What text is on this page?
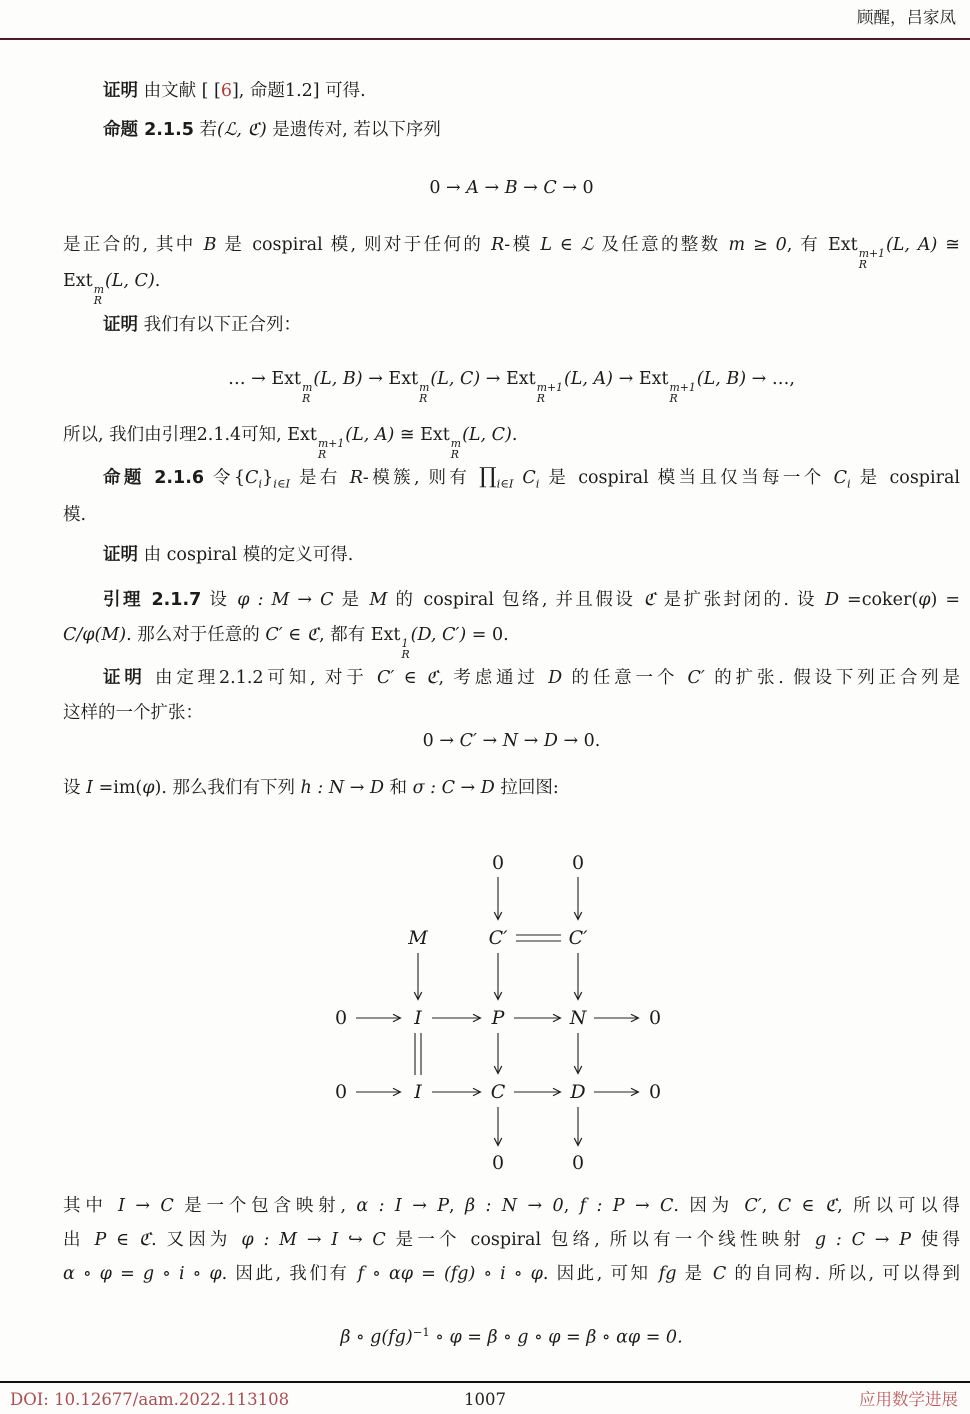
顾醒，吕家凤
证明 由文献 [ [6], 命题1.2] 可得.
命题 2.1.5 若(ℒ, ℭ) 是遗传对, 若以下序列
0 → A → B → C → 0
是正合的, 其中 B 是 cospiral 模, 则对于任何的 R-模 L ∈ ℒ 及任意的整数 m ≥ 0, 有 Ext m+1
R
(L, A) ≅
Ext m
R
(L, C).
证明 我们有以下正合列：
… → Ext m
R
(L, B) → Ext m
R
(L, C) → Ext m+1
R
(L, A) → Ext m+1
R
(L, B) → …,
所以, 我们由引理2.1.4可知, Ext m+1
R
(L, A) ≅ Ext m
R
(L, C).
命题 2.1.6 令$\{C_i\}_{i\in I}$ 是右 R-模簇, 则有 $\prod_{i\in I}$ $C_i$ 是 cospiral 模当且仅当每一个 $C_i$ 是 cospiral
模.
证明 由 cospiral 模的定义可得.
引理 2.1.7 设 φ : M → C 是 M 的 cospiral 包络, 并且假设 ℭ 是扩张封闭的. 设 D =coker(φ) =
C/φ(M). 那么对于任意的 C′ ∈ ℭ, 都有 Ext 1
R
(D, C′) = 0.
证明 由定理2.1.2可知, 对于 C′ ∈ ℭ, 考虑通过 D 的任意一个 C′ 的扩张. 假设下列正合列是
这样的一个扩张：
0 → C′ → N → D → 0.
设 I =im(φ). 那么我们有下列 h : N → D 和 σ : C → D 拉回图:
0	0
M	C′	C′
0	I	P	N	0
0	I	C	D	0
0	0
其中 I → C 是一个包含映射, α : I → P, β : N → 0, f : P → C. 因为 C′, C ∈ ℭ, 所以可以得
出 P ∈ ℭ. 又因为 φ : M → I ↪ C 是一个 cospiral 包络, 所以有一个线性映射 g : C → P 使得
α ∘ φ = g ∘ i ∘ φ. 因此, 我们有 f ∘ αφ = (fg) ∘ i ∘ φ. 因此, 可知 fg 是 C 的自同构. 所以, 可以得到
β ∘ g(fg)$^{-1}$ ∘ φ = β ∘ g ∘ φ = β ∘ αφ = 0.
DOI: 10.12677/aam.2022.113108	1007	应用数学进展
